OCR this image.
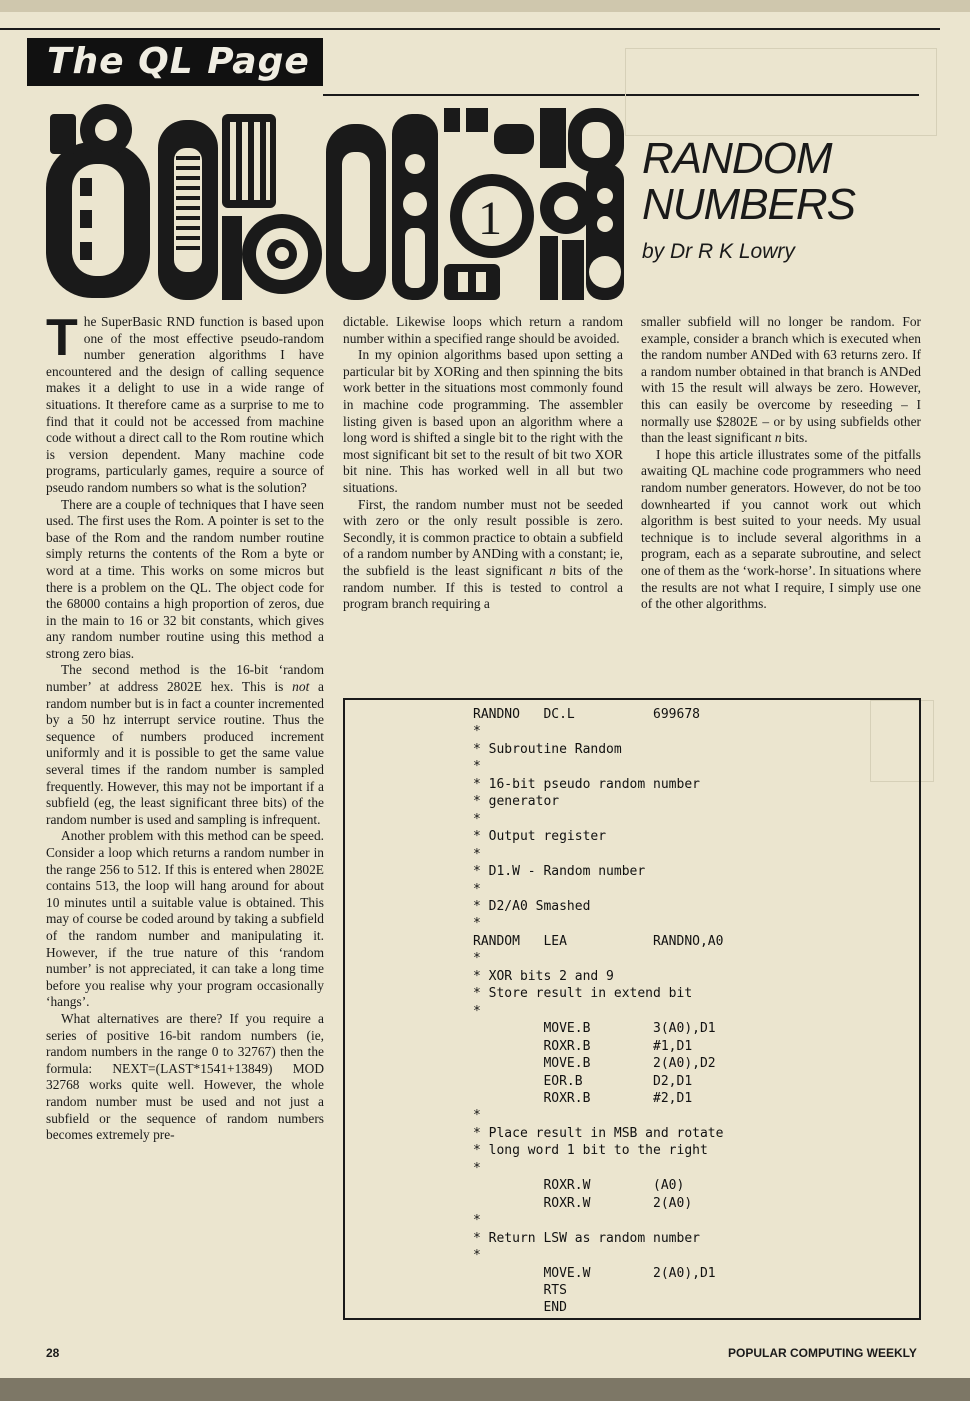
The QL Page
1
RANDOM
NUMBERS
by Dr R K Lowry

The SuperBasic RND function is based upon one of the most effective pseudo-random number generation algorithms I have encountered and the design of calling sequence makes it a delight to use in a wide range of situations. It therefore came as a surprise to me to find that it could not be accessed from machine code without a direct call to the Rom routine which is version dependent. Many machine code programs, particularly games, require a source of pseudo random numbers so what is the solution?

There are a couple of techniques that I have seen used. The first uses the Rom. A pointer is set to the base of the Rom and the random number routine simply returns the contents of the Rom a byte or word at a time. This works on some micros but there is a problem on the QL. The object code for the 68000 contains a high proportion of zeros, due in the main to 16 or 32 bit constants, which gives any random number routine using this method a strong zero bias.

The second method is the 16-bit ‘random number’ at address 2802E hex. This is not a random number but is in fact a counter incremented by a 50 hz interrupt service routine. Thus the sequence of numbers produced increment uniformly and it is possible to get the same value several times if the random number is sampled frequently. However, this may not be important if a subfield (eg, the least significant three bits) of the random number is used and sampling is infrequent.

Another problem with this method can be speed. Consider a loop which returns a random number in the range 256 to 512. If this is entered when 2802E contains 513, the loop will hang around for about 10 minutes until a suitable value is obtained. This may of course be coded around by taking a subfield of the random number and manipulating it. However, if the true nature of this ‘random number’ is not appreciated, it can take a long time before you realise why your program occasionally ‘hangs’.

What alternatives are there? If you require a series of positive 16-bit random numbers (ie, random numbers in the range 0 to 32767) then the formula: NEXT=(LAST*1541+13849) MOD 32768 works quite well. However, the whole random number must be used and not just a subfield or the sequence of random numbers becomes extremely pre-

dictable. Likewise loops which return a random number within a specified range should be avoided.

In my opinion algorithms based upon setting a particular bit by XORing and then spinning the bits work better in the situations most commonly found in machine code programming. The assembler listing given is based upon an algorithm where a long word is shifted a single bit to the right with the most significant bit set to the result of bit two XOR bit nine. This has worked well in all but two situations.

First, the random number must not be seeded with zero or the only result possible is zero. Secondly, it is common practice to obtain a subfield of a random number by ANDing with a constant; ie, the subfield is the least significant n bits of the random number. If this is tested to control a program branch requiring a

smaller subfield will no longer be random. For example, consider a branch which is executed when the random number ANDed with 63 returns zero. If a random number obtained in that branch is ANDed with 15 the result will always be zero. However, this can easily be overcome by reseeding – I normally use $2802E – or by using subfields other than the least significant n bits.

I hope this article illustrates some of the pitfalls awaiting QL machine code programmers who need random number generators. However, do not be too downhearted if you cannot work out which algorithm is best suited to your needs. My usual technique is to include several algorithms in a program, each as a separate subroutine, and select one of them as the ‘work-horse’. In situations where the results are not what I require, I simply use one of the other algorithms.

RANDNO   DC.L          699678
*
* Subroutine Random
*
* 16-bit pseudo random number
* generator
*
* Output register
*
* D1.W - Random number
*
* D2/A0 Smashed
*
RANDOM   LEA           RANDNO,A0
*
* XOR bits 2 and 9
* Store result in extend bit
*
MOVE.B        3(A0),D1
ROXR.B        #1,D1
MOVE.B        2(A0),D2
EOR.B         D2,D1
ROXR.B        #2,D1
*
* Place result in MSB and rotate
* long word 1 bit to the right
*
ROXR.W        (A0)
ROXR.W        2(A0)
*
* Return LSW as random number
*
MOVE.W        2(A0),D1
RTS
END
28	POPULAR COMPUTING WEEKLY
